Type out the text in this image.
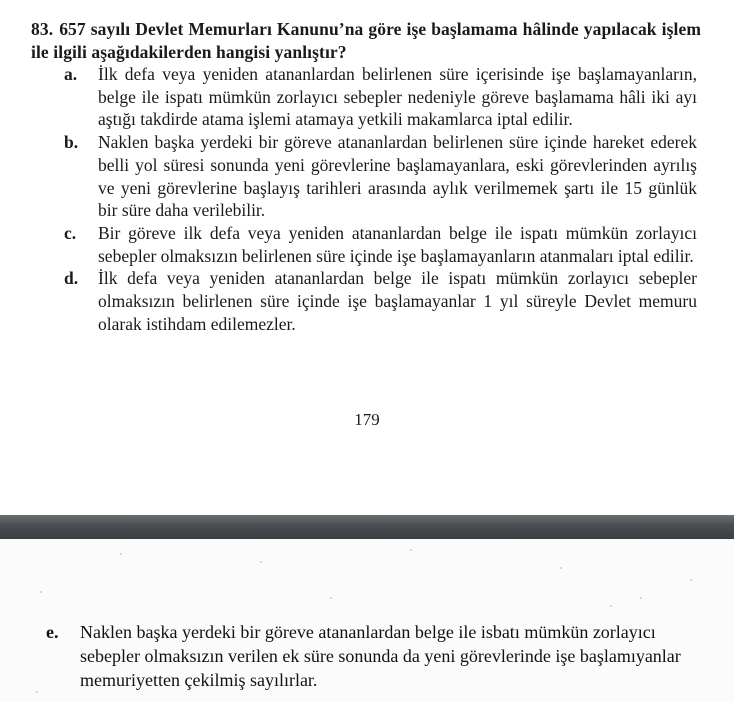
83. 657 sayılı Devlet Memurları Kanunu’na göre işe başlamama hâlinde yapılacak işlem ile ilgili aşağıdakilerden hangisi yanlıştır?
a.	İlk defa veya yeniden atananlardan belirlenen süre içerisinde işe başlamayanların, belge ile ispatı mümkün zorlayıcı sebepler nedeniyle göreve başlamama hâli iki ayı aştığı takdirde atama işlemi atamaya yetkili makamlarca iptal edilir.
b.	Naklen başka yerdeki bir göreve atananlardan belirlenen süre içinde hareket ederek belli yol süresi sonunda yeni görevlerine başlamayanlara, eski görevlerinden ayrılış ve yeni görevlerine başlayış tarihleri arasında aylık verilmemek şartı ile 15 günlük bir süre daha verilebilir.
c.	Bir göreve ilk defa veya yeniden atananlardan belge ile ispatı mümkün zorlayıcı sebepler olmaksızın belirlenen süre içinde işe başlamayanların atanmaları iptal edilir.
d.	İlk defa veya yeniden atananlardan belge ile ispatı mümkün zorlayıcı sebepler olmaksızın belirlenen süre içinde işe başlamayanlar 1 yıl süreyle Devlet memuru olarak istihdam edilemezler.
179
e.	Naklen başka yerdeki bir göreve atananlardan belge ile isbatı mümkün zorlayıcı sebepler olmaksızın verilen ek süre sonunda da yeni görevlerinde işe başlamıyanlar memuriyetten çekilmiş sayılırlar.
